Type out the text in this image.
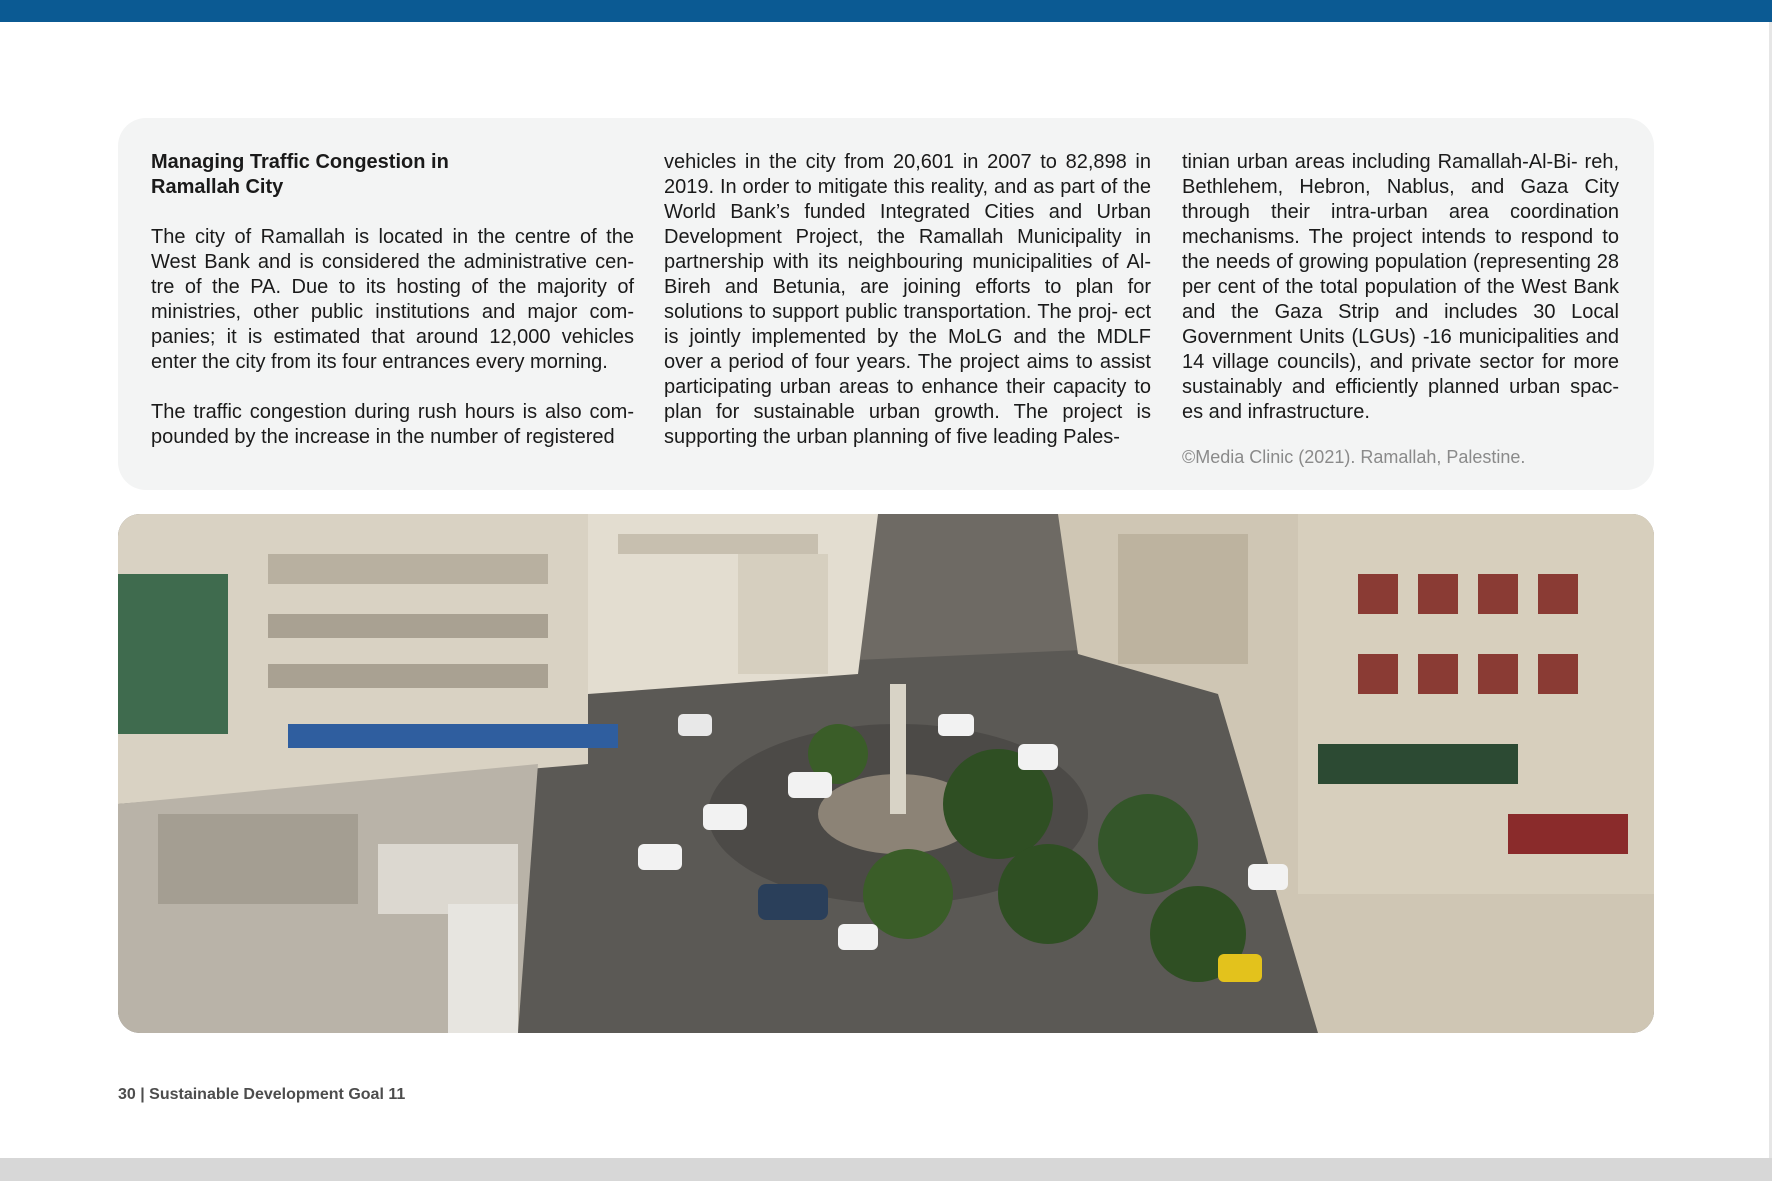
Managing Traffic Congestion in
Ramallah City

The city of Ramallah is located in the centre of the West Bank and is considered the administrative cen- tre of the PA. Due to its hosting of the majority of ministries, other public institutions and major com- panies; it is estimated that around 12,000 vehicles enter the city from its four entrances every morning.

The traffic congestion during rush hours is also com- pounded by the increase in the number of registered

vehicles in the city from 20,601 in 2007 to 82,898 in 2019. In order to mitigate this reality, and as part of the World Bank’s funded Integrated Cities and Urban Development Project, the Ramallah Municipality in partnership with its neighbouring municipalities of Al-Bireh and Betunia, are joining efforts to plan for solutions to support public transportation. The proj- ect is jointly implemented by the MoLG and the MDLF over a period of four years. The project aims to assist participating urban areas to enhance their capacity to plan for sustainable urban growth. The project is supporting the urban planning of five leading Pales-

tinian urban areas including Ramallah-Al-Bi- reh, Bethlehem, Hebron, Nablus, and Gaza City through their intra-urban area coordination mechanisms. The project intends to respond to the needs of growing population (representing 28 per cent of the total population of the West Bank and the Gaza Strip and includes 30 Local Government Units (LGUs) -16 municipalities and 14 village councils), and private sector for more sustainably and efficiently planned urban spac- es and infrastructure.

©Media Clinic (2021). Ramallah, Palestine.
30 | Sustainable Development Goal 11
